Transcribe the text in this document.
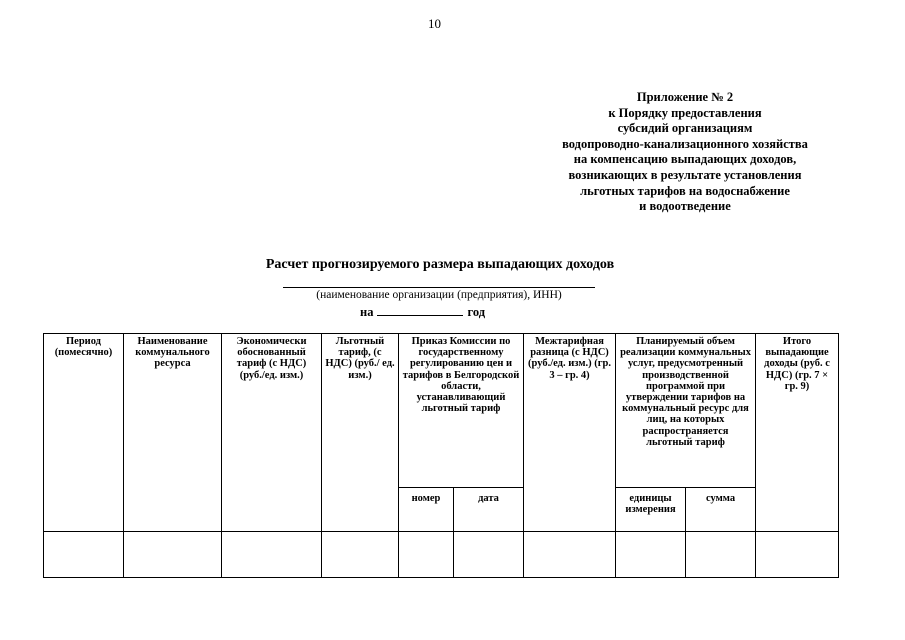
10
Приложение № 2
к Порядку предоставления
субсидий организациям
водопроводно-канализационного хозяйства
на компенсацию выпадающих доходов,
возникающих в результате установления
льготных тарифов на водоснабжение
и водоотведение
Расчет прогнозируемого размера выпадающих доходов
(наименование организации (предприятия), ИНН)
на	год
Период (помесячно)	Наименование коммунального ресурса	Экономически обоснованный тариф (с НДС) (руб./ед. изм.)	Льготный тариф, (с НДС) (руб./ ед. изм.)	Приказ Комиссии по государственному регулированию цен и тарифов в Белгородской области, устанавливающий льготный тариф		Межтарифная разница (с НДС) (руб./ед. изм.) (гр. 3 – гр. 4)	Планируемый объем реализации коммунальных услуг, предусмотренный производственной программой при утверждении тарифов на коммунальный ресурс для лиц, на которых распространяется льготный тариф		Итого выпадающие доходы (руб. с НДС) (гр. 7 × гр. 9)
				номер	дата		единицы измерения	сумма	
